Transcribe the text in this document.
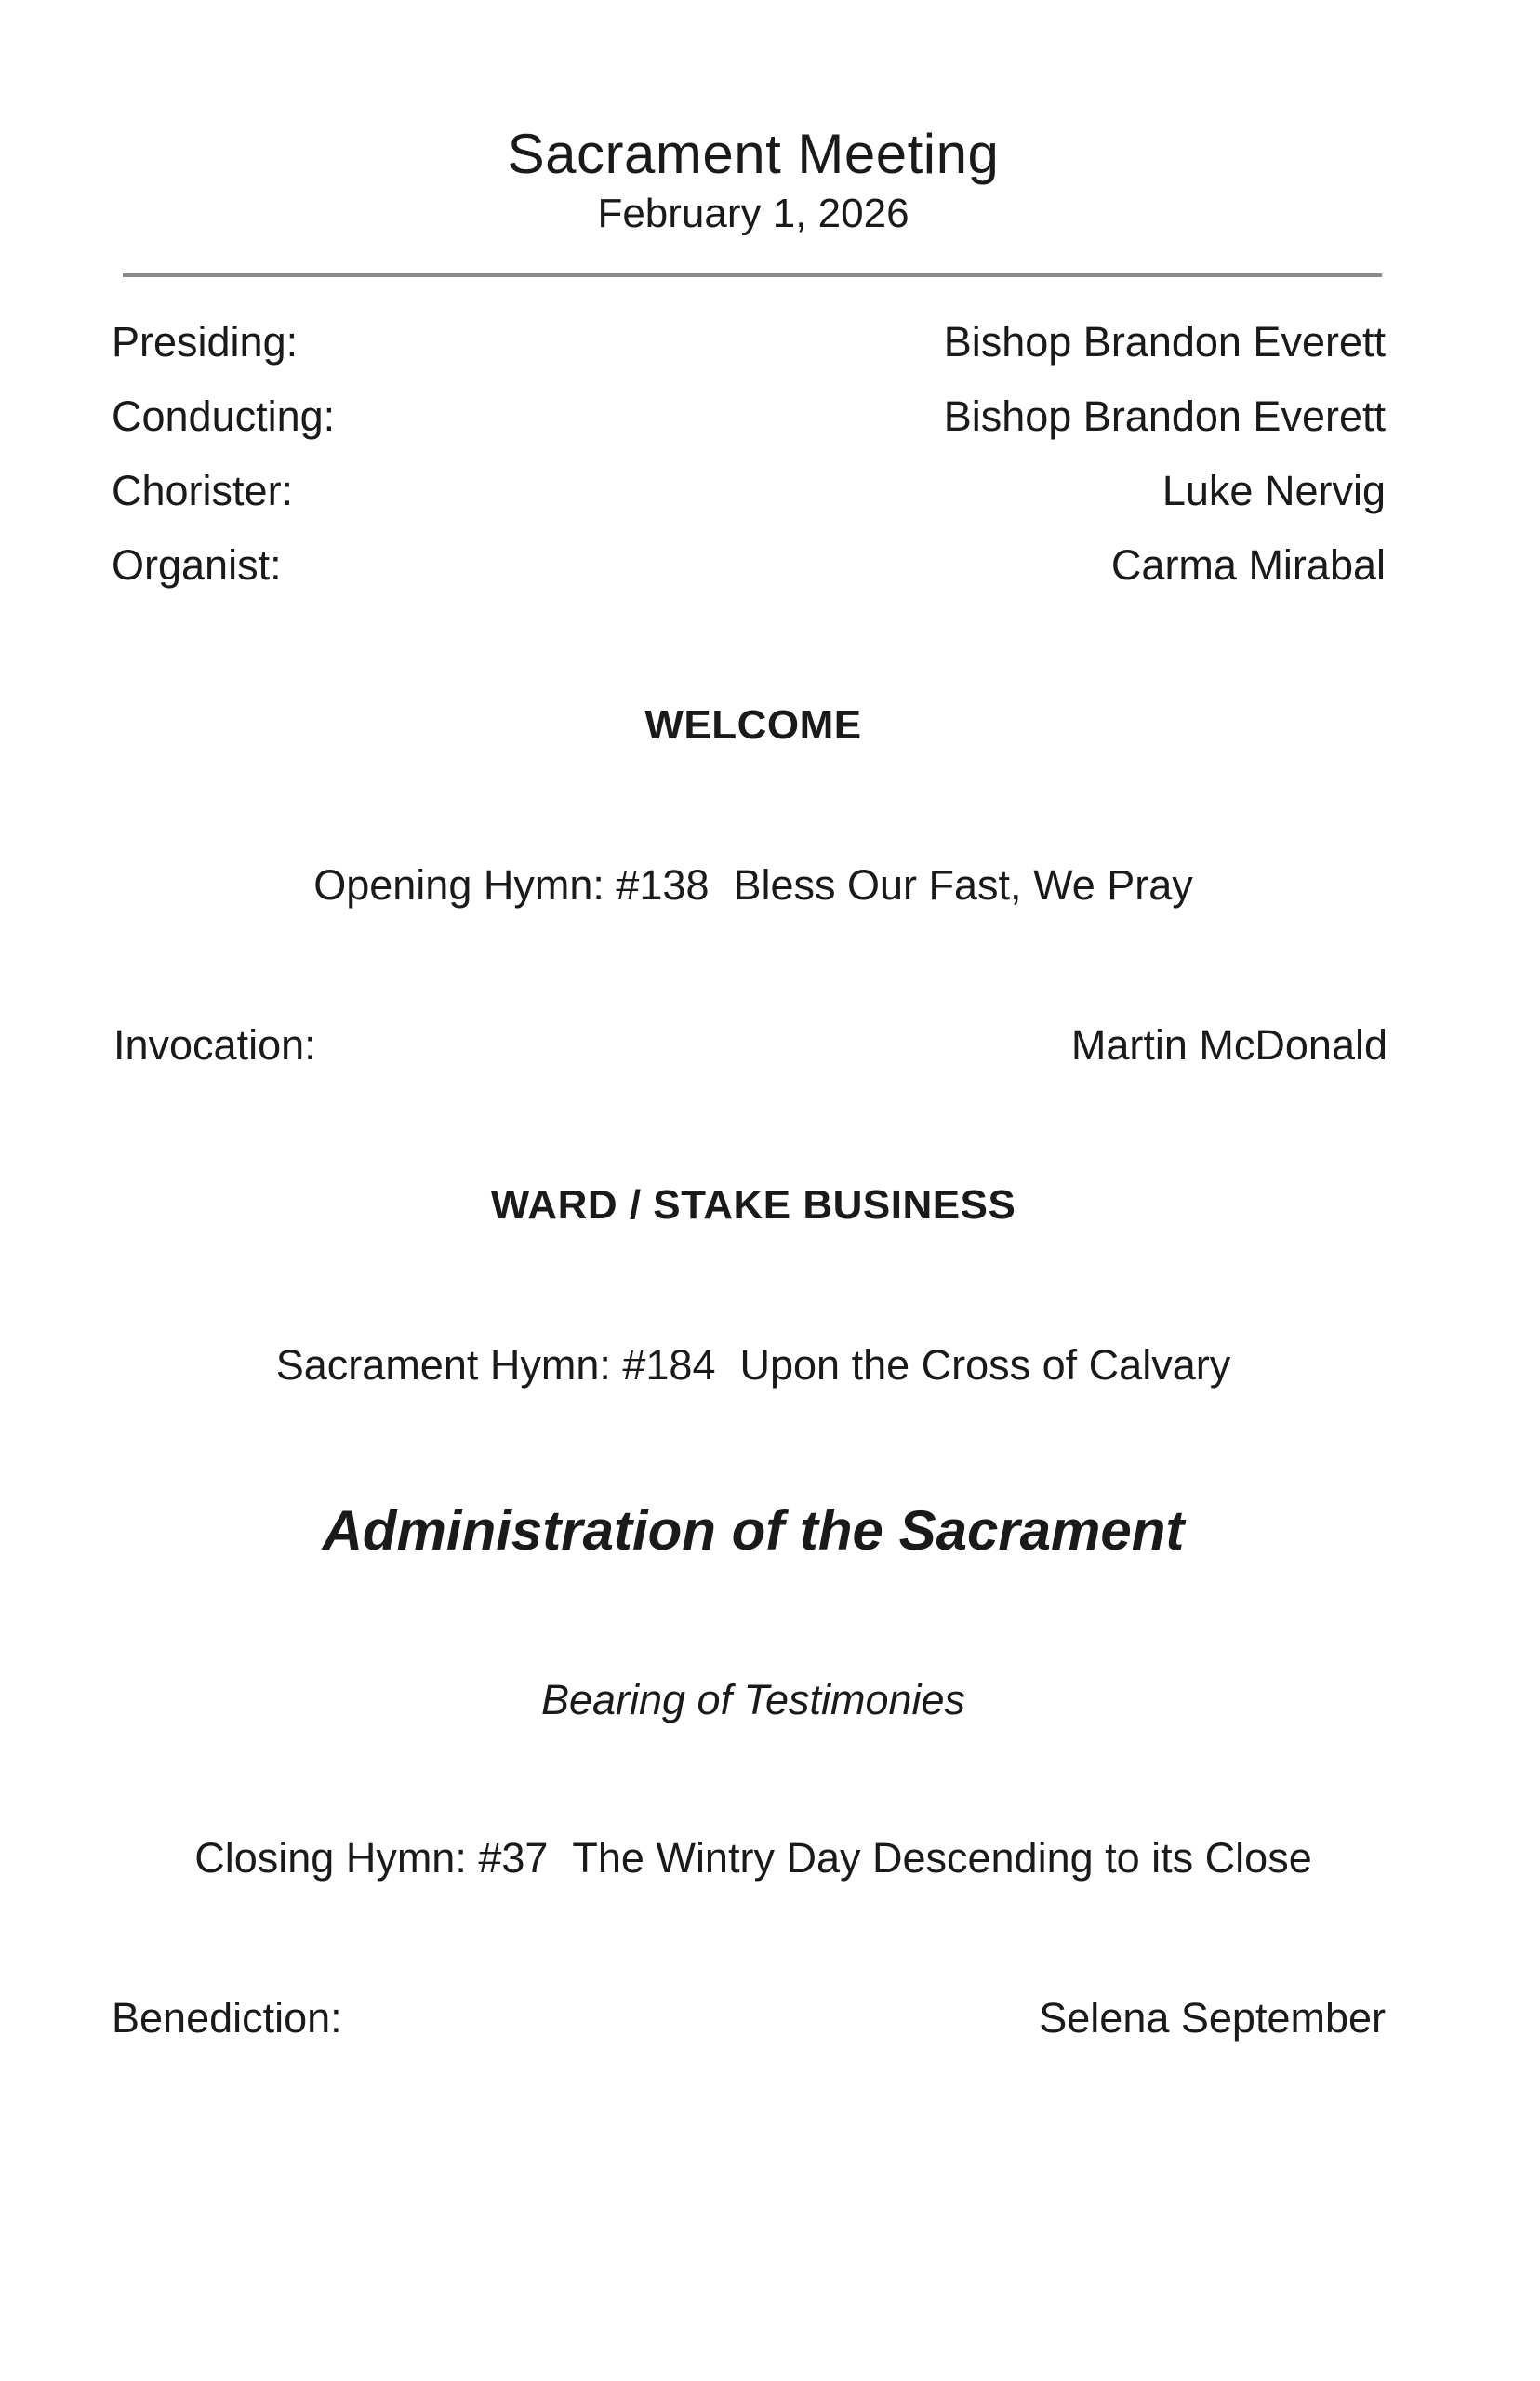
Sacrament Meeting
February 1, 2026
Presiding:	Bishop Brandon Everett
Conducting:	Bishop Brandon Everett
Chorister:	Luke Nervig
Organist:	Carma Mirabal
WELCOME
Opening Hymn: #138 Bless Our Fast, We Pray
Invocation:	Martin McDonald
WARD / STAKE BUSINESS
Sacrament Hymn: #184 Upon the Cross of Calvary
Administration of the Sacrament
Bearing of Testimonies
Closing Hymn: #37 The Wintry Day Descending to its Close
Benediction:	Selena September
